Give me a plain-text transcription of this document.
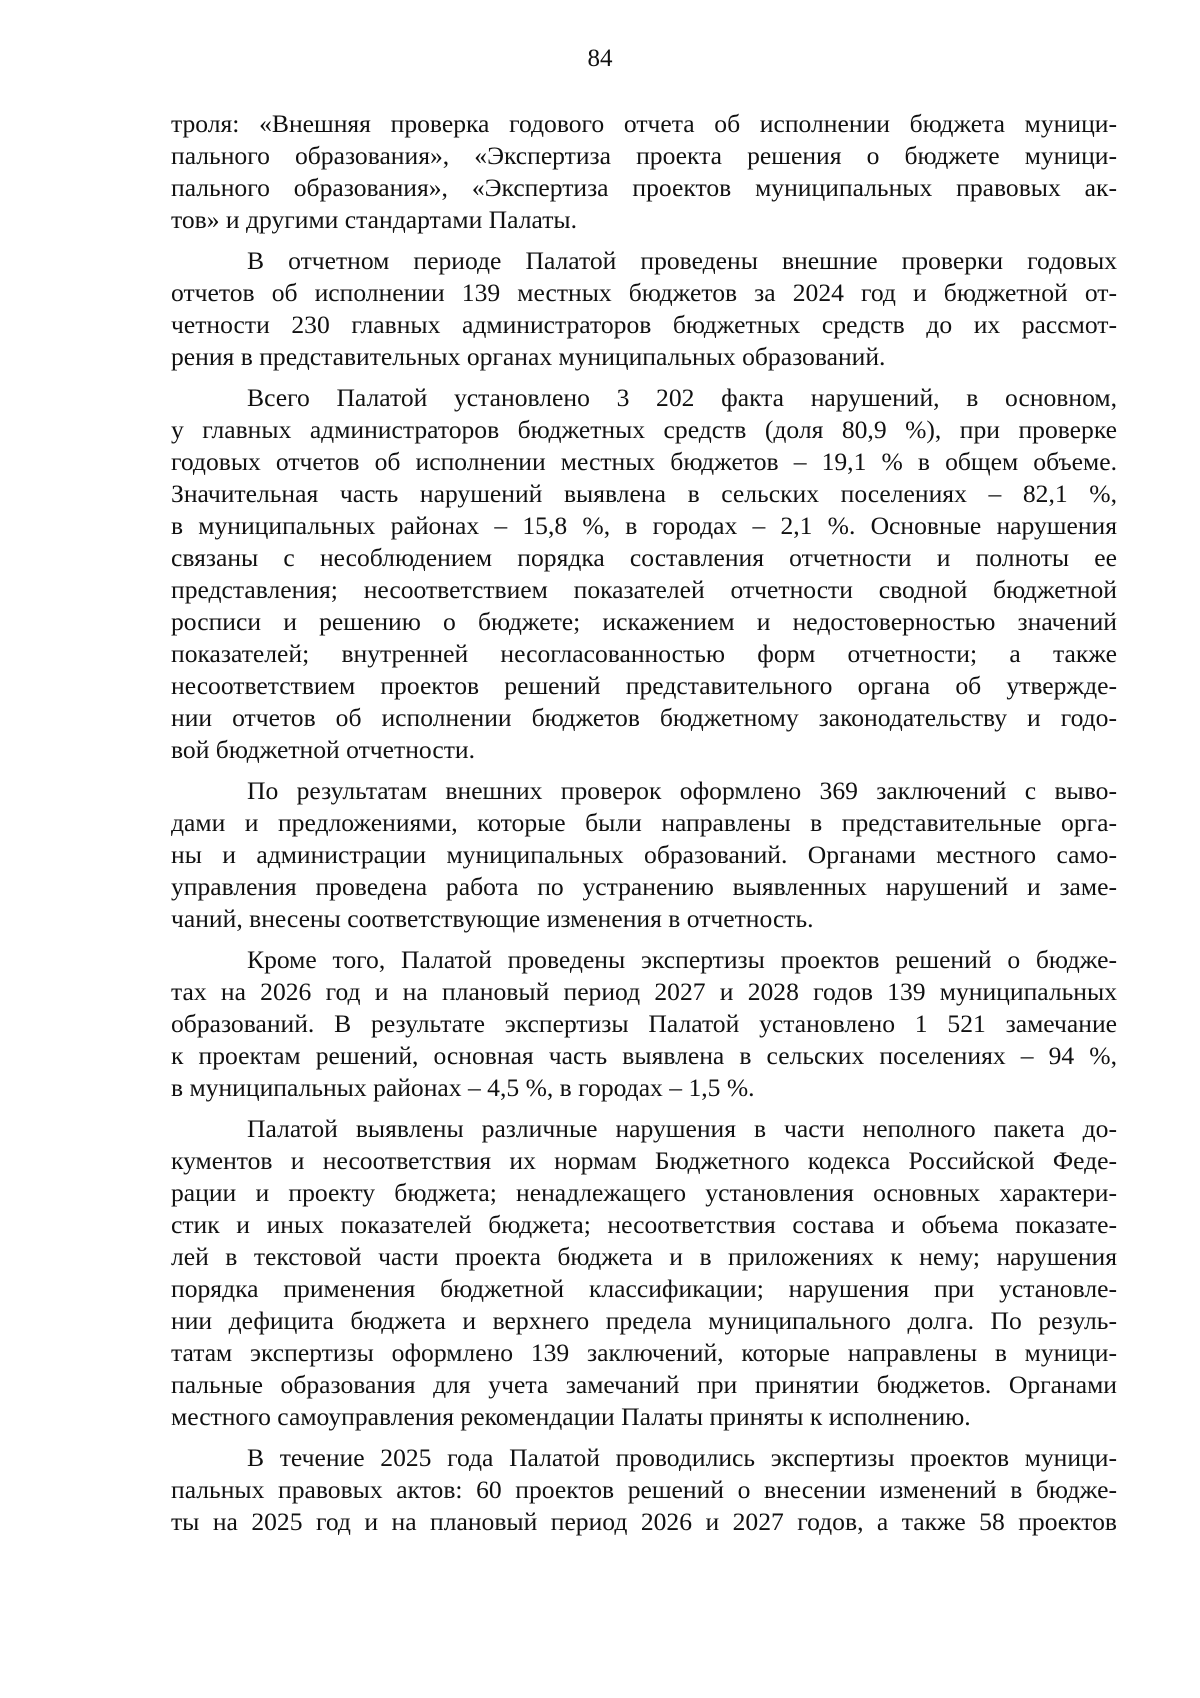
84

троля: «Внешняя проверка годового отчета об исполнении бюджета муници-
пального образования», «Экспертиза проекта решения о бюджете муници-
пального образования», «Экспертиза проектов муниципальных правовых ак-
тов» и другими стандартами Палаты.
В отчетном периоде Палатой проведены внешние проверки годовых
отчетов об исполнении 139 местных бюджетов за 2024 год и бюджетной от-
четности 230 главных администраторов бюджетных средств до их рассмот-
рения в представительных органах муниципальных образований.
Всего Палатой установлено 3 202 факта нарушений, в основном,
у главных администраторов бюджетных средств (доля 80,9 %), при проверке
годовых отчетов об исполнении местных бюджетов – 19,1 % в общем объеме.
Значительная часть нарушений выявлена в сельских поселениях – 82,1 %,
в муниципальных районах – 15,8 %, в городах – 2,1 %. Основные нарушения
связаны с несоблюдением порядка составления отчетности и полноты ее
представления; несоответствием показателей отчетности сводной бюджетной
росписи и решению о бюджете; искажением и недостоверностью значений
показателей; внутренней несогласованностью форм отчетности; а также
несоответствием проектов решений представительного органа об утвержде-
нии отчетов об исполнении бюджетов бюджетному законодательству и годо-
вой бюджетной отчетности.
По результатам внешних проверок оформлено 369 заключений с выво-
дами и предложениями, которые были направлены в представительные орга-
ны и администрации муниципальных образований. Органами местного само-
управления проведена работа по устранению выявленных нарушений и заме-
чаний, внесены соответствующие изменения в отчетность.
Кроме того, Палатой проведены экспертизы проектов решений о бюдже-
тах на 2026 год и на плановый период 2027 и 2028 годов 139 муниципальных
образований. В результате экспертизы Палатой установлено 1 521 замечание
к проектам решений, основная часть выявлена в сельских поселениях – 94 %,
в муниципальных районах – 4,5 %, в городах – 1,5 %.
Палатой выявлены различные нарушения в части неполного пакета до-
кументов и несоответствия их нормам Бюджетного кодекса Российской Феде-
рации и проекту бюджета; ненадлежащего установления основных характери-
стик и иных показателей бюджета; несоответствия состава и объема показате-
лей в текстовой части проекта бюджета и в приложениях к нему; нарушения
порядка применения бюджетной классификации; нарушения при установле-
нии дефицита бюджета и верхнего предела муниципального долга. По резуль-
татам экспертизы оформлено 139 заключений, которые направлены в муници-
пальные образования для учета замечаний при принятии бюджетов. Органами
местного самоуправления рекомендации Палаты приняты к исполнению.
В течение 2025 года Палатой проводились экспертизы проектов муници-
пальных правовых актов: 60 проектов решений о внесении изменений в бюдже-
ты на 2025 год и на плановый период 2026 и 2027 годов, а также 58 проектов
